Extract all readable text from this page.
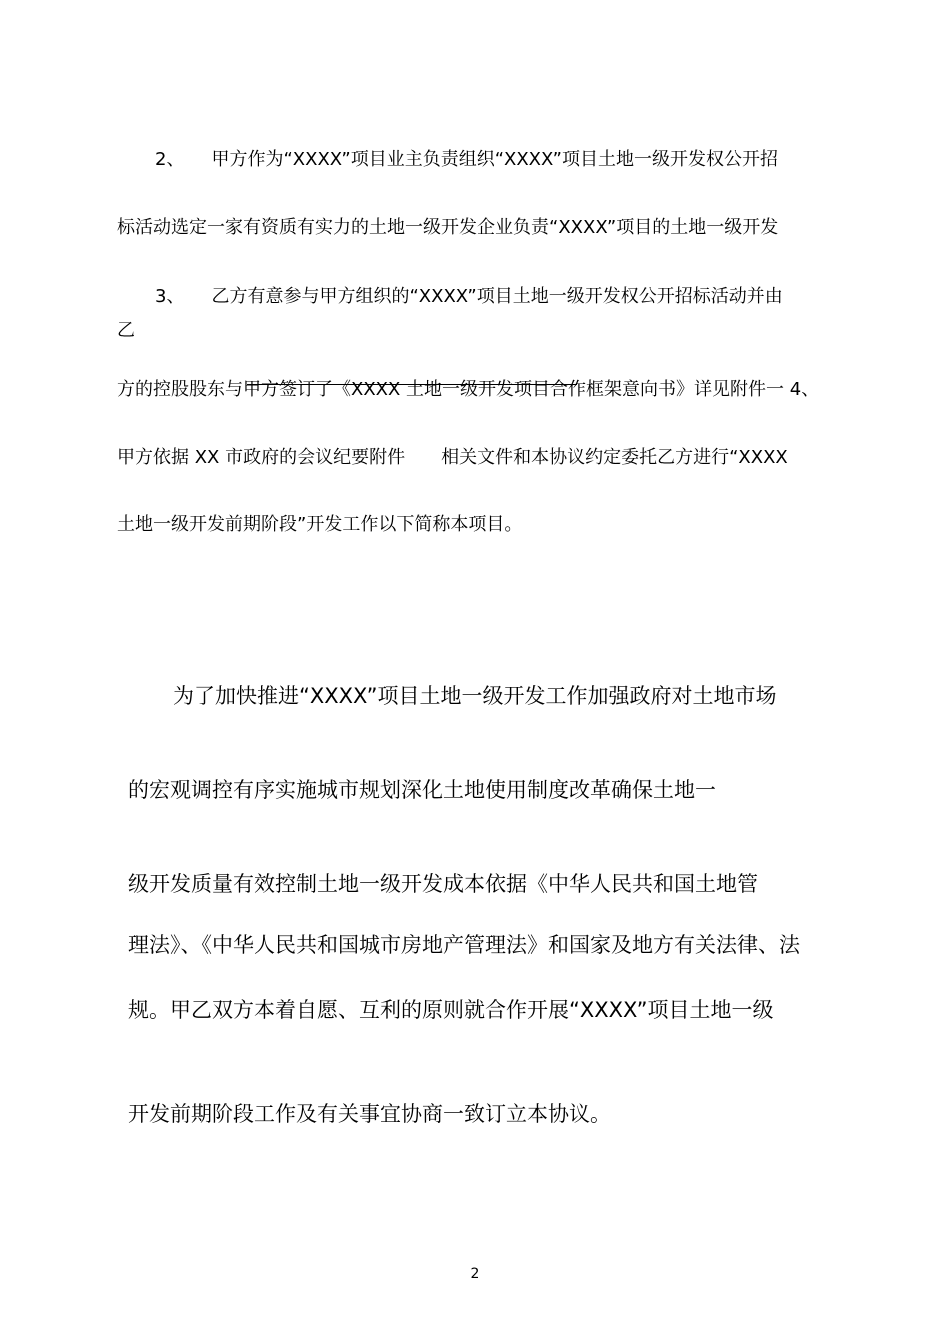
2、　　甲方作为“XXXX”项目业主负责组织“XXXX”项目土地一级开发权公开招
标活动选定一家有资质有实力的土地一级开发企业负责“XXXX”项目的土地一级开发
3、　　乙方有意参与甲方组织的“XXXX”项目土地一级开发权公开招标活动并由
乙
方的控股股东与甲方签订了《XXXX 土地一级开发项目合作框架意向书》详见附件一 4、
甲方依据 XX 市政府的会议纪要附件　　相关文件和本协议约定委托乙方进行“XXXX
土地一级开发前期阶段”开发工作以下简称本项目。
为了加快推进“XXXX”项目土地一级开发工作加强政府对土地市场
的宏观调控有序实施城市规划深化土地使用制度改革确保土地一
级开发质量有效控制土地一级开发成本依据《中华人民共和国土地管
理法》、《中华人民共和国城市房地产管理法》和国家及地方有关法律、法
规。甲乙双方本着自愿、互利的原则就合作开展“XXXX”项目土地一级
开发前期阶段工作及有关事宜协商一致订立本协议。
2
